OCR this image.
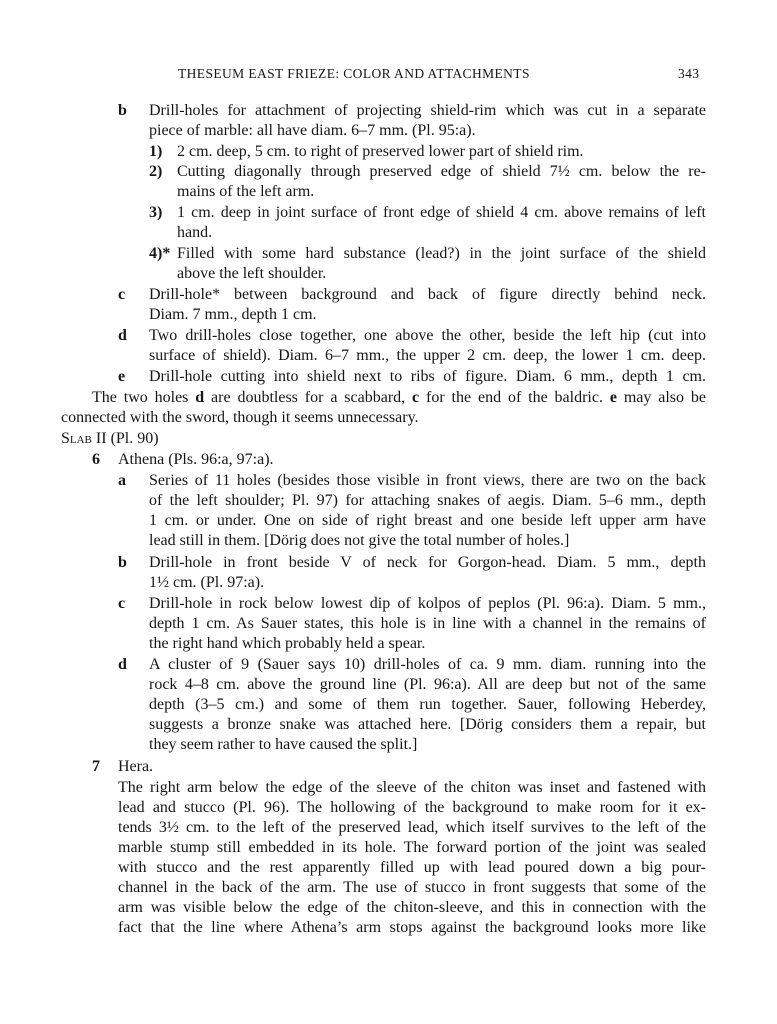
THESEUM EAST FRIEZE: COLOR AND ATTACHMENTS	343
b Drill-holes for attachment of projecting shield-rim which was cut in a separate
piece of marble: all have diam. 6–7 mm. (Pl. 95:a).
1) 2 cm. deep, 5 cm. to right of preserved lower part of shield rim.
2) Cutting diagonally through preserved edge of shield 7½ cm. below the re-
mains of the left arm.
3) 1 cm. deep in joint surface of front edge of shield 4 cm. above remains of left
hand.
4)* Filled with some hard substance (lead?) in the joint surface of the shield
above the left shoulder.
c Drill-hole* between background and back of figure directly behind neck.
Diam. 7 mm., depth 1 cm.
d Two drill-holes close together, one above the other, beside the left hip (cut into
surface of shield). Diam. 6–7 mm., the upper 2 cm. deep, the lower 1 cm. deep.
e Drill-hole cutting into shield next to ribs of figure. Diam. 6 mm., depth 1 cm.
The two holes d are doubtless for a scabbard, c for the end of the baldric. e may also be
connected with the sword, though it seems unnecessary.
Slab II (Pl. 90)
6 Athena (Pls. 96:a, 97:a).
a Series of 11 holes (besides those visible in front views, there are two on the back
of the left shoulder; Pl. 97) for attaching snakes of aegis. Diam. 5–6 mm., depth
1 cm. or under. One on side of right breast and one beside left upper arm have
lead still in them. [Dörig does not give the total number of holes.]
b Drill-hole in front beside V of neck for Gorgon-head. Diam. 5 mm., depth
1½ cm. (Pl. 97:a).
c Drill-hole in rock below lowest dip of kolpos of peplos (Pl. 96:a). Diam. 5 mm.,
depth 1 cm. As Sauer states, this hole is in line with a channel in the remains of
the right hand which probably held a spear.
d A cluster of 9 (Sauer says 10) drill-holes of ca. 9 mm. diam. running into the
rock 4–8 cm. above the ground line (Pl. 96:a). All are deep but not of the same
depth (3–5 cm.) and some of them run together. Sauer, following Heberdey,
suggests a bronze snake was attached here. [Dörig considers them a repair, but
they seem rather to have caused the split.]
7 Hera.
The right arm below the edge of the sleeve of the chiton was inset and fastened with
lead and stucco (Pl. 96). The hollowing of the background to make room for it ex-
tends 3½ cm. to the left of the preserved lead, which itself survives to the left of the
marble stump still embedded in its hole. The forward portion of the joint was sealed
with stucco and the rest apparently filled up with lead poured down a big pour-
channel in the back of the arm. The use of stucco in front suggests that some of the
arm was visible below the edge of the chiton-sleeve, and this in connection with the
fact that the line where Athena’s arm stops against the background looks more like
